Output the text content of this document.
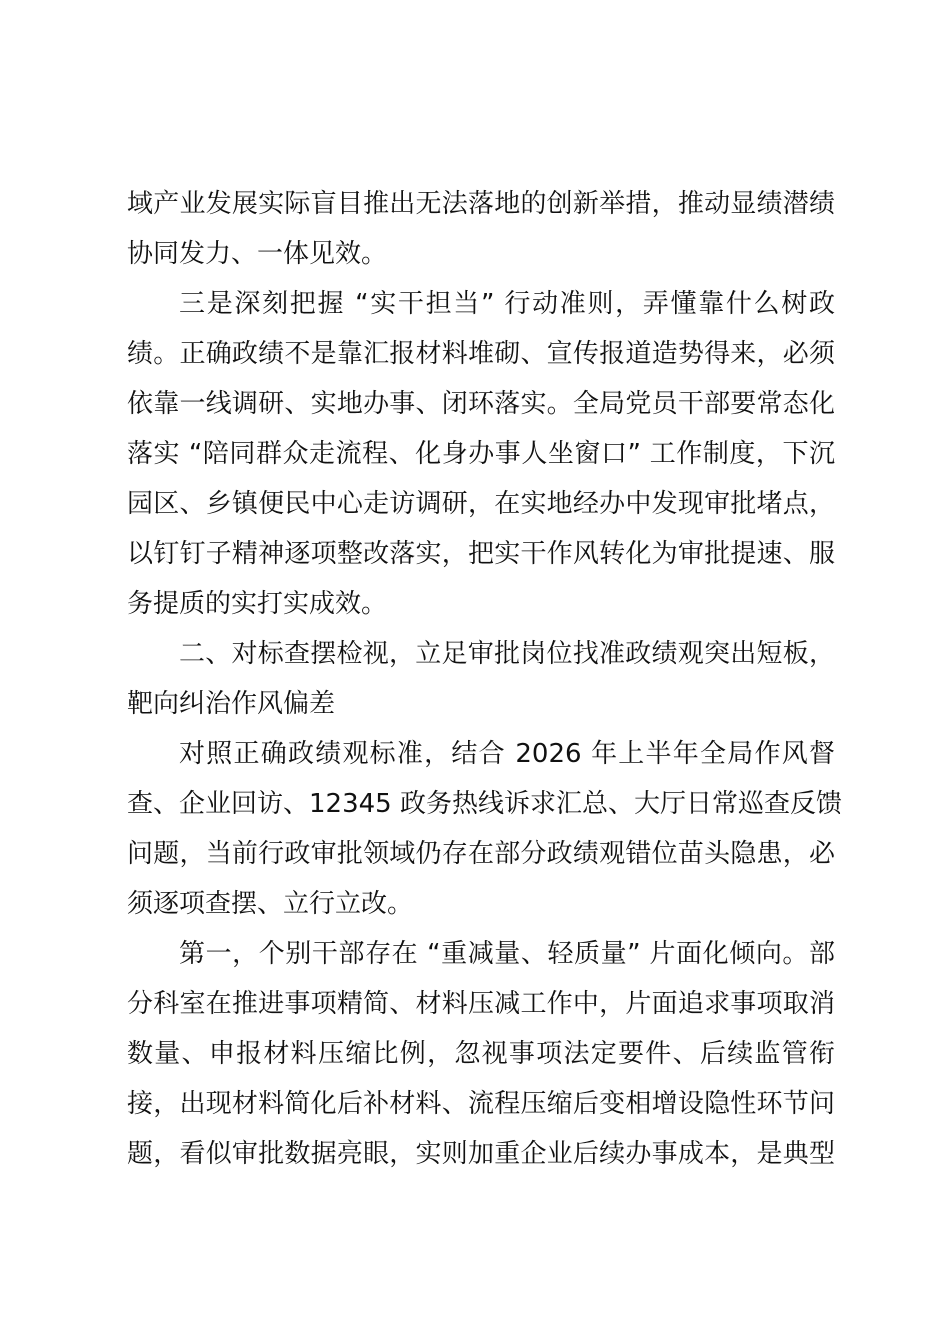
域产业发展实际盲目推出无法落地的创新举措，推动显绩潜绩
协同发力、一体见效。
三是深刻把握 “实干担当” 行动准则，弄懂靠什么树政
绩。正确政绩不是靠汇报材料堆砌、宣传报道造势得来，必须
依靠一线调研、实地办事、闭环落实。全局党员干部要常态化
落实 “陪同群众走流程、化身办事人坐窗口” 工作制度，下沉
园区、乡镇便民中心走访调研，在实地经办中发现审批堵点，
以钉钉子精神逐项整改落实，把实干作风转化为审批提速、服
务提质的实打实成效。
二、对标查摆检视，立足审批岗位找准政绩观突出短板，
靶向纠治作风偏差
对照正确政绩观标准，结合 2026 年上半年全局作风督
查、企业回访、12345 政务热线诉求汇总、大厅日常巡查反馈
问题，当前行政审批领域仍存在部分政绩观错位苗头隐患，必
须逐项查摆、立行立改。
第一，个别干部存在 “重减量、轻质量” 片面化倾向。部
分科室在推进事项精简、材料压减工作中，片面追求事项取消
数量、申报材料压缩比例，忽视事项法定要件、后续监管衔
接，出现材料简化后补材料、流程压缩后变相增设隐性环节问
题，看似审批数据亮眼，实则加重企业后续办事成本，是典型
